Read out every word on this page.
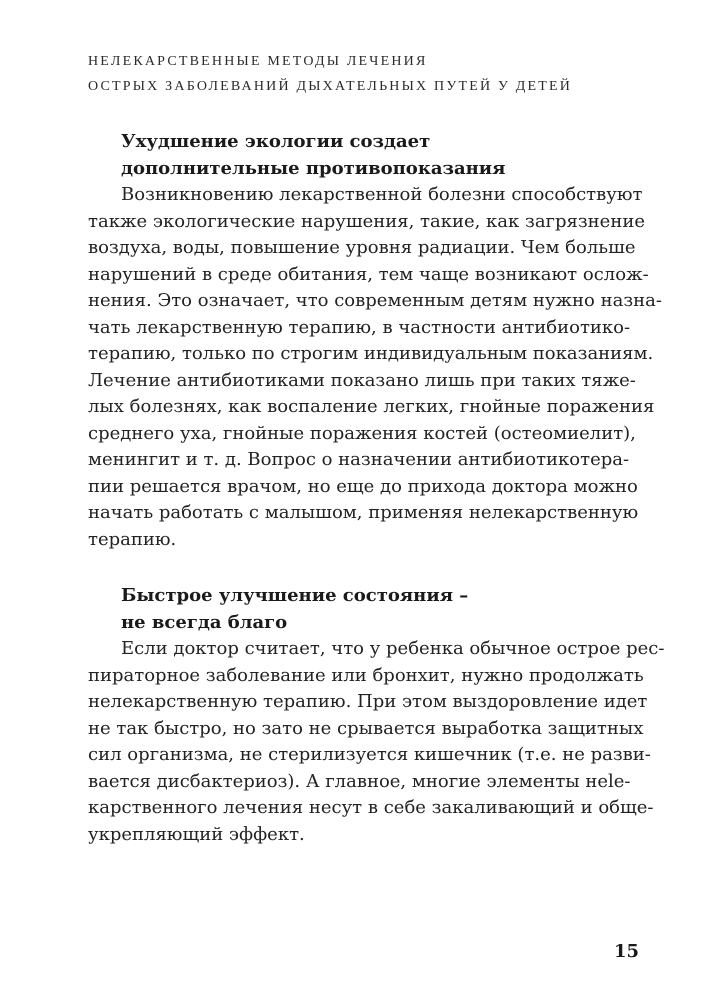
НЕЛЕКАРСТВЕННЫЕ МЕТОДЫ ЛЕЧЕНИЯ
ОСТРЫХ ЗАБОЛЕВАНИЙ ДЫХАТЕЛЬНЫХ ПУТЕЙ У ДЕТЕЙ
Ухудшение экологии создает
дополнительные противопоказания

Возникновению лекарственной болезни способствуют
также экологические нарушения, такие, как загрязнение
воздуха, воды, повышение уровня радиации. Чем больше
нарушений в среде обитания, тем чаще возникают ослож-
нения. Это означает, что современным детям нужно назна-
чать лекарственную терапию, в частности антибиотико-
терапию, только по строгим индивидуальным показаниям.
Лечение антибиотиками показано лишь при таких тяже-
лых болезнях, как воспаление легких, гнойные поражения
среднего уха, гнойные поражения костей (остеомиелит),
менингит и т. д. Вопрос о назначении антибиотикотера-
пии решается врачом, но еще до прихода доктора можно
начать работать с малышом, применяя нелекарственную
терапию.

Быстрое улучшение состояния –
не всегда благо

Если доктор считает, что у ребенка обычное острое рес-
пираторное заболевание или бронхит, нужно продолжать
нелекарственную терапию. При этом выздоровление идет
не так быстро, но зато не срывается выработка защитных
сил организма, не стерилизуется кишечник (т.е. не разви-
вается дисбактериоз). А главное, многие элементы нele-
карственного лечения несут в себе закаливающий и обще-
укрепляющий эффект.

15
